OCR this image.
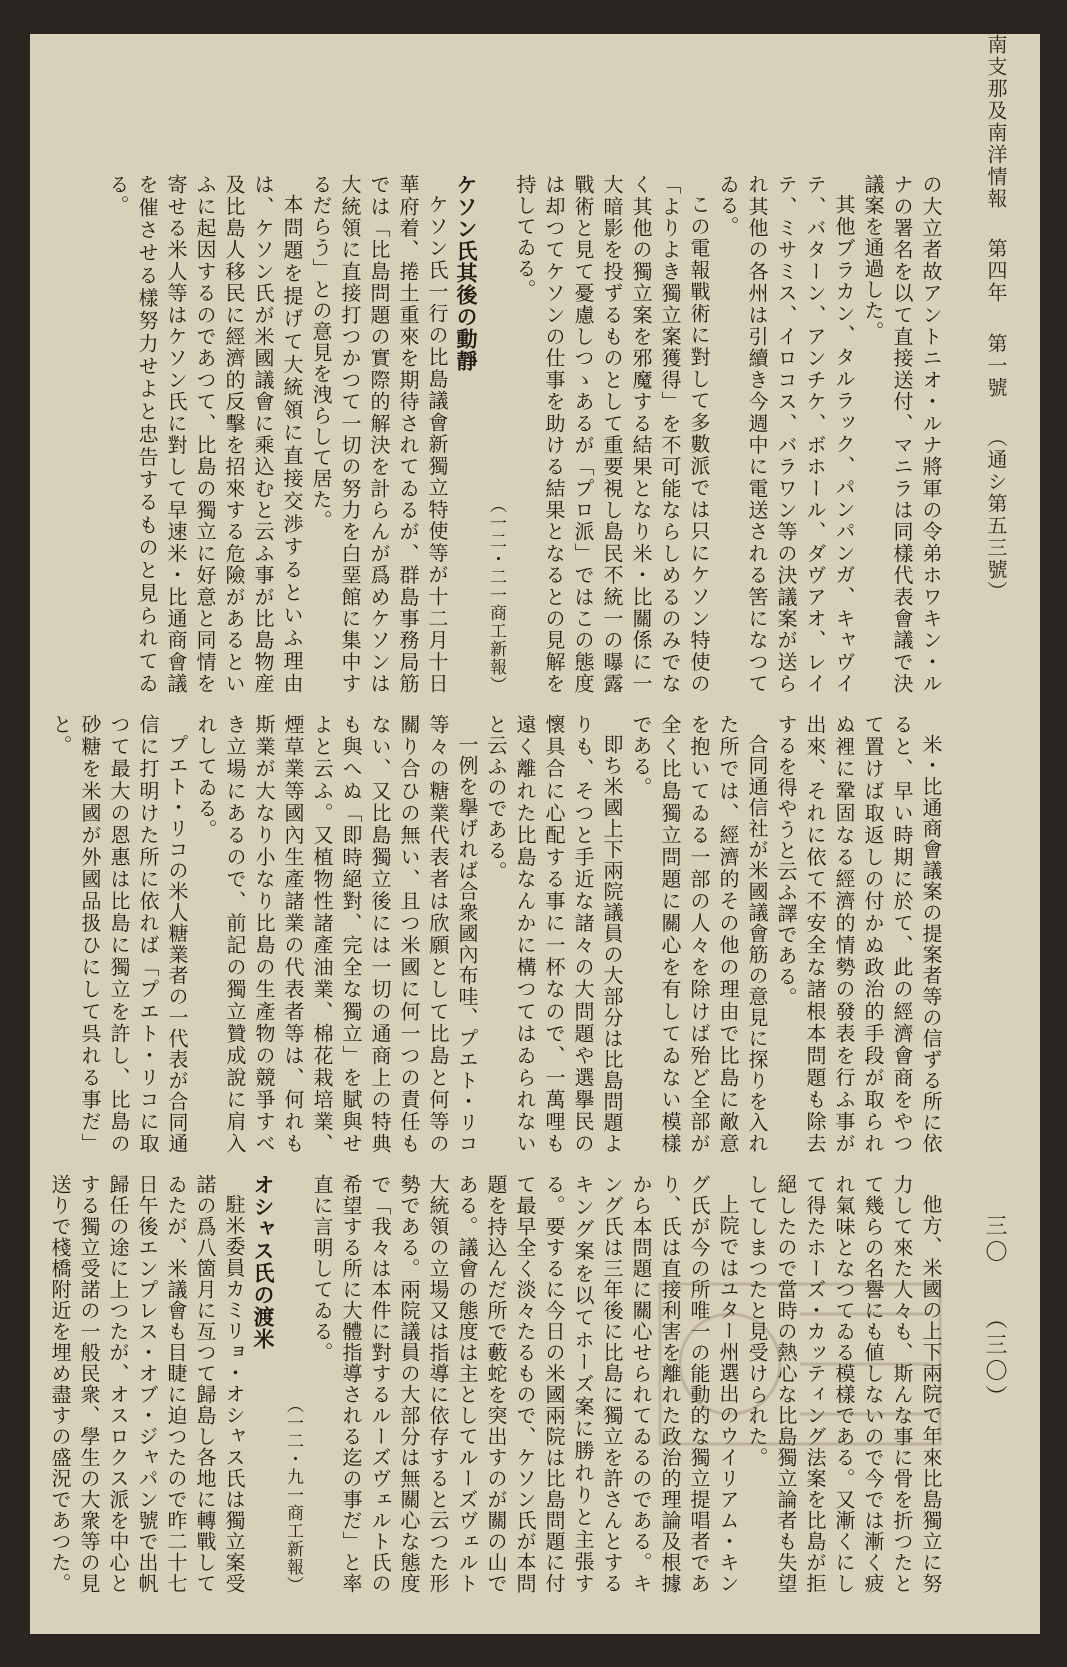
南支那及南洋情報 第四年 第一號 （通シ第五三號）
三〇 （三〇）

の大立者故アントニオ・ルナ將軍の令弟ホワキン・ルナの署名を以て直接送付、マニラは同樣代表會議で決議案を通過した。

其他ブラカン、タルラック、パンパンガ、キャヴイテ、バターン、アンチケ、ボホール、ダヴアオ、レイテ、ミサミス、イロコス、バラワン等の決議案が送られ其他の各州は引續き今週中に電送される筈になつてゐる。

この電報戰術に對して多數派では只にケソン特使の「よりよき獨立案獲得」を不可能ならしめるのみでなく其他の獨立案を邪魔する結果となり米・比關係に一大暗影を投ずるものとして重要視し島民不統一の曝露戰術と見て憂慮しつゝあるが「プロ派」ではこの態度は却つてケソンの仕事を助ける結果となるとの見解を持してゐる。

（一二・二一商工新報）

ケソン氏其後の動靜

ケソン氏一行の比島議會新獨立特使等が十二月十日華府着、捲土重來を期待されてゐるが、群島事務局筋では「比島問題の實際的解決を計らんが爲めケソンは大統領に直接打つかつて一切の努力を白堊館に集中するだらう」との意見を洩らして居た。

本問題を提げて大統領に直接交渉するといふ理由は、ケソン氏が米國議會に乘込むと云ふ事が比島物産及比島人移民に經濟的反擊を招來する危險があるといふに起因するのであつて、比島の獨立に好意と同情を寄せる米人等はケソン氏に對して早速米・比通商會議を催させる樣努力せよと忠告するものと見られてゐる。

米・比通商會議案の提案者等の信ずる所に依ると、早い時期に於て、此の經濟會商をやつて置けば取返しの付かぬ政治的手段が取られぬ裡に鞏固なる經濟的情勢の發表を行ふ事が出來、それに依て不安全な諸根本問題も除去するを得やうと云ふ譯である。

合同通信社が米國議會筋の意見に探りを入れた所では、經濟的その他の理由で比島に敵意を抱いてゐる一部の人々を除けば殆ど全部が全く比島獨立問題に關心を有してゐない模樣である。

即ち米國上下兩院議員の大部分は比島問題よりも、そつと手近な諸々の大問題や選擧民の懷具合に心配する事に一杯なので、一萬哩も遠く離れた比島なんかに構つてはゐられないと云ふのである。

一例を擧げれば合衆國內布哇、プエト・リコ等々の糖業代表者は欣願として比島と何等の關り合ひの無い、且つ米國に何一つの責任もない、又比島獨立後には一切の通商上の特典も與へぬ「即時絕對、完全な獨立」を賦與せよと云ふ。又植物性諸產油業、棉花栽培業、煙草業等國內生產諸業の代表者等は、何れも斯業が大なり小なり比島の生產物の競爭すべき立場にあるので、前記の獨立贊成說に肩入れしてゐる。

プエト・リコの米人糖業者の一代表が合同通信に打明けた所に依れば「プエト・リコに取つて最大の恩惠は比島に獨立を許し、比島の砂糖を米國が外國品扱ひにして呉れる事だ」と。

他方、米國の上下兩院で年來比島獨立に努力して來た人々も、斯んな事に骨を折つたとて幾らの名譽にも値しないので今では漸く疲れ氣味となつてゐる模樣である。又漸くにして得たホーズ・カッティング法案を比島が拒絕したので當時の熱心な比島獨立論者も失望してしまつたと見受けられた。

上院ではユター州選出のウイリアム・キング氏が今の所唯一の能動的な獨立提唱者であり、氏は直接利害を離れた政治的理論及根據から本問題に關心せられてゐるのである。キング氏は三年後に比島に獨立を許さんとするキング案を以てホーズ案に勝れりと主張する。要するに今日の米國兩院は比島問題に付て最早全く淡々たるもので、ケソン氏が本問題を持込んだ所で藪蛇を突出すのが關の山である。議會の態度は主としてルーズヴェルト大統領の立場又は指導に依存すると云つた形勢である。兩院議員の大部分は無關心な態度で「我々は本件に對するルーズヴェルト氏の希望する所に大體指導される迄の事だ」と率直に言明してゐる。

（一二・九一商工新報）

オシャス氏の渡米

駐米委員カミリョ・オシャス氏は獨立案受諾の爲八箇月に亙つて歸島し各地に轉戰してゐたが、米議會も目睫に迫つたので昨二十七日午後エンプレス・オブ・ジャパン號で出帆歸任の途に上つたが、オスロクス派を中心とする獨立受諾の一般民衆、學生の大衆等の見送りで棧橋附近を埋め盡すの盛況であつた。
